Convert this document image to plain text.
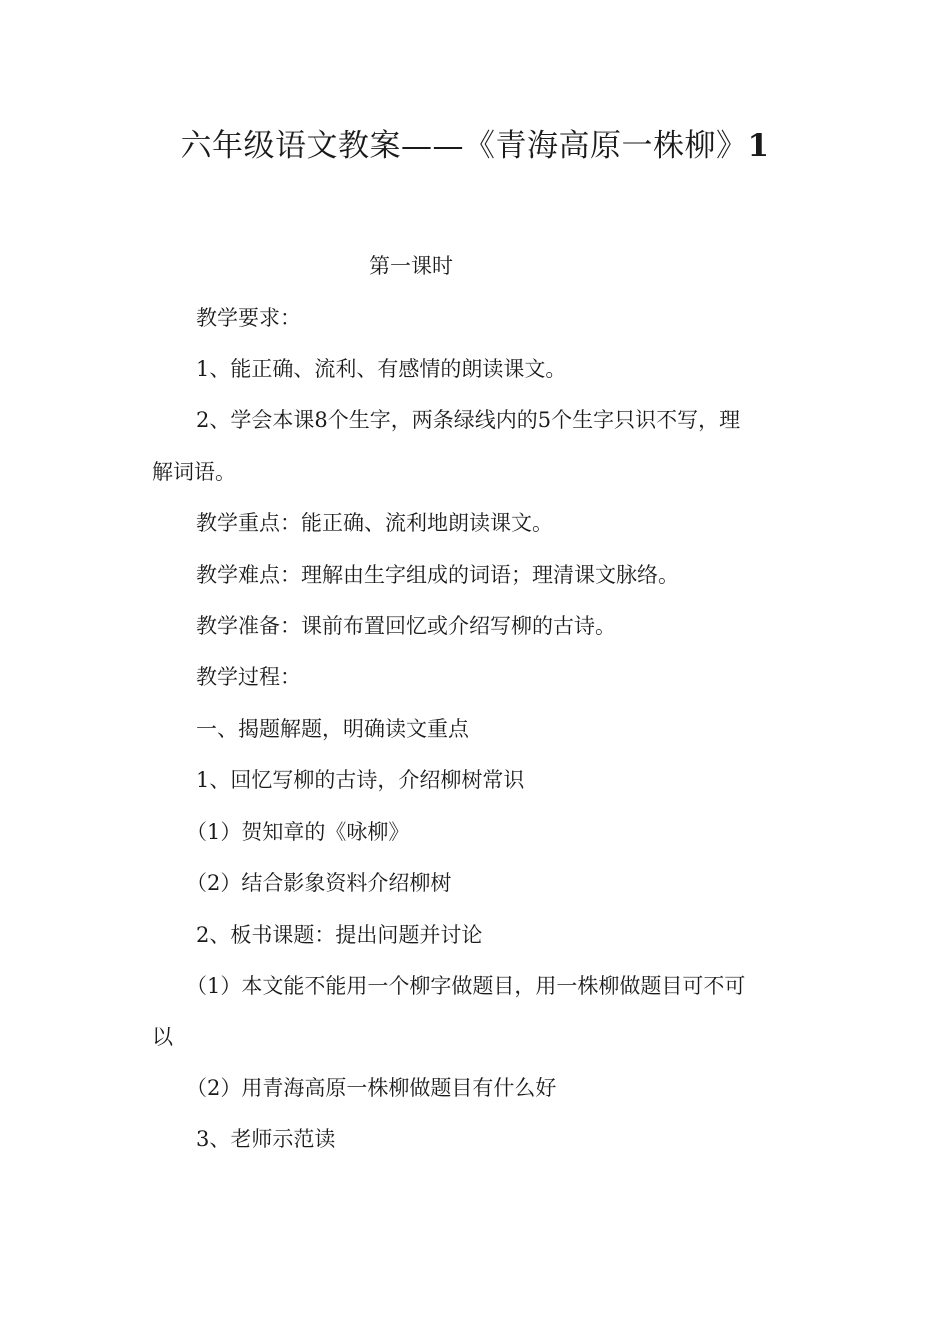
六年级语文教案——《青海高原一株柳》1

第一课时

教学要求：

1、能正确、流利、有感情的朗读课文。

2、学会本课8个生字，两条绿线内的5个生字只识不写，理

解词语。

教学重点：能正确、流利地朗读课文。

教学难点：理解由生字组成的词语；理清课文脉络。

教学准备：课前布置回忆或介绍写柳的古诗。

教学过程：

一、揭题解题，明确读文重点

1、回忆写柳的古诗，介绍柳树常识

（1）贺知章的《咏柳》

（2）结合影象资料介绍柳树

2、板书课题：提出问题并讨论

（1）本文能不能用一个柳字做题目，用一株柳做题目可不可

以

（2）用青海高原一株柳做题目有什么好

3、老师示范读
